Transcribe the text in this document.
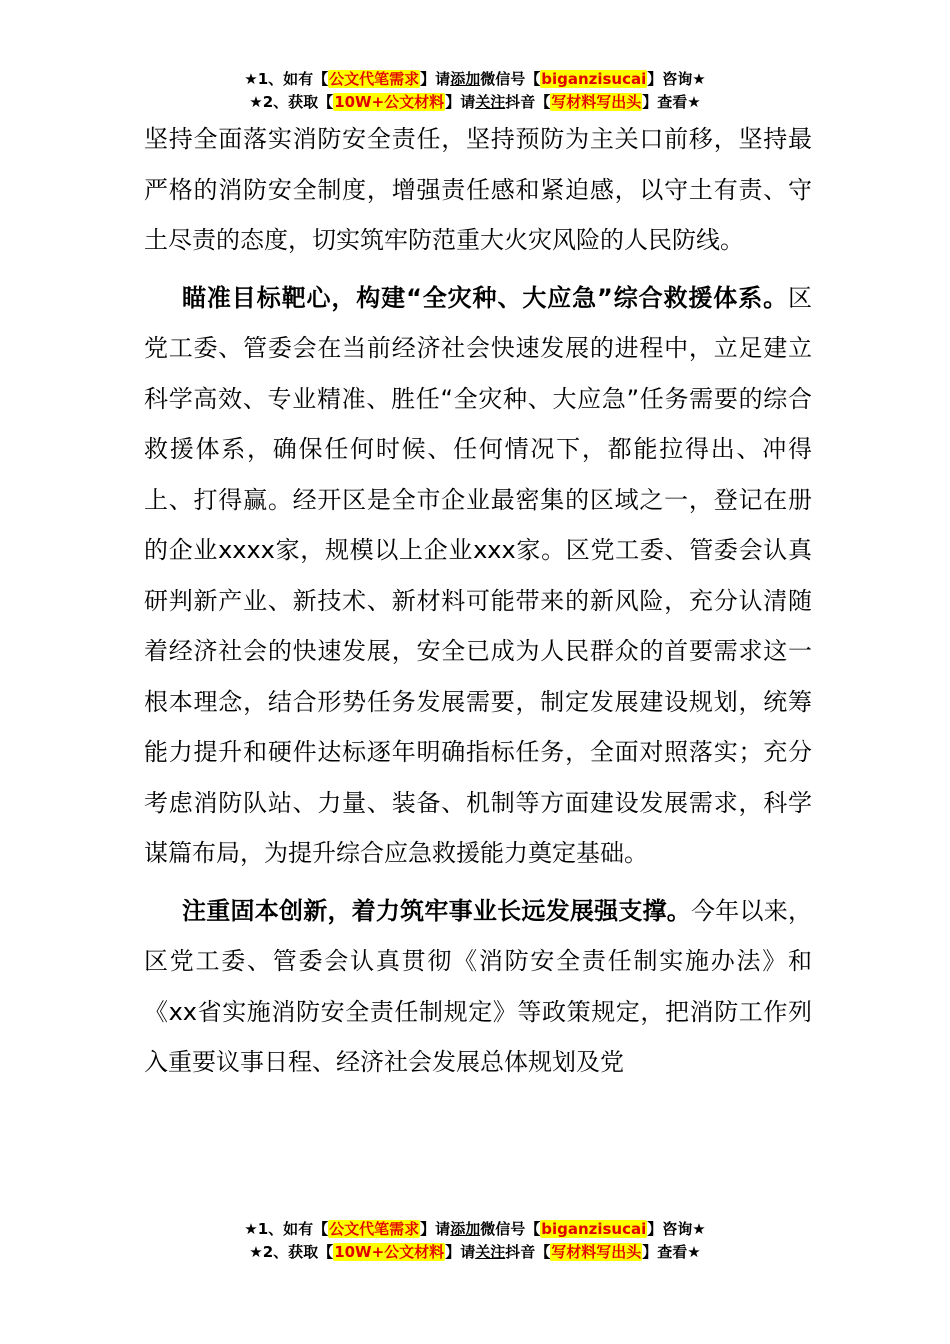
★1、如有【公文代笔需求】请添加微信号【biganzisucai】咨询★
★2、获取【10W+公文材料】请关注抖音【写材料写出头】查看★

坚持全面落实消防安全责任，坚持预防为主关口前移，坚持最严格的消防安全制度，增强责任感和紧迫感，以守土有责、守土尽责的态度，切实筑牢防范重大火灾风险的人民防线。

瞄准目标靶心，构建“全灾种、大应急”综合救援体系。区党工委、管委会在当前经济社会快速发展的进程中，立足建立科学高效、专业精准、胜任“全灾种、大应急”任务需要的综合救援体系，确保任何时候、任何情况下，都能拉得出、冲得上、打得赢。经开区是全市企业最密集的区域之一，登记在册的企业xxxx家，规模以上企业xxx家。区党工委、管委会认真研判新产业、新技术、新材料可能带来的新风险，充分认清随着经济社会的快速发展，安全已成为人民群众的首要需求这一根本理念，结合形势任务发展需要，制定发展建设规划，统筹能力提升和硬件达标逐年明确指标任务，全面对照落实；充分考虑消防队站、力量、装备、机制等方面建设发展需求，科学谋篇布局，为提升综合应急救援能力奠定基础。

注重固本创新，着力筑牢事业长远发展强支撑。今年以来，区党工委、管委会认真贯彻《消防安全责任制实施办法》和《xx省实施消防安全责任制规定》等政策规定，把消防工作列入重要议事日程、经济社会发展总体规划及党

★1、如有【公文代笔需求】请添加微信号【biganzisucai】咨询★
★2、获取【10W+公文材料】请关注抖音【写材料写出头】查看★
